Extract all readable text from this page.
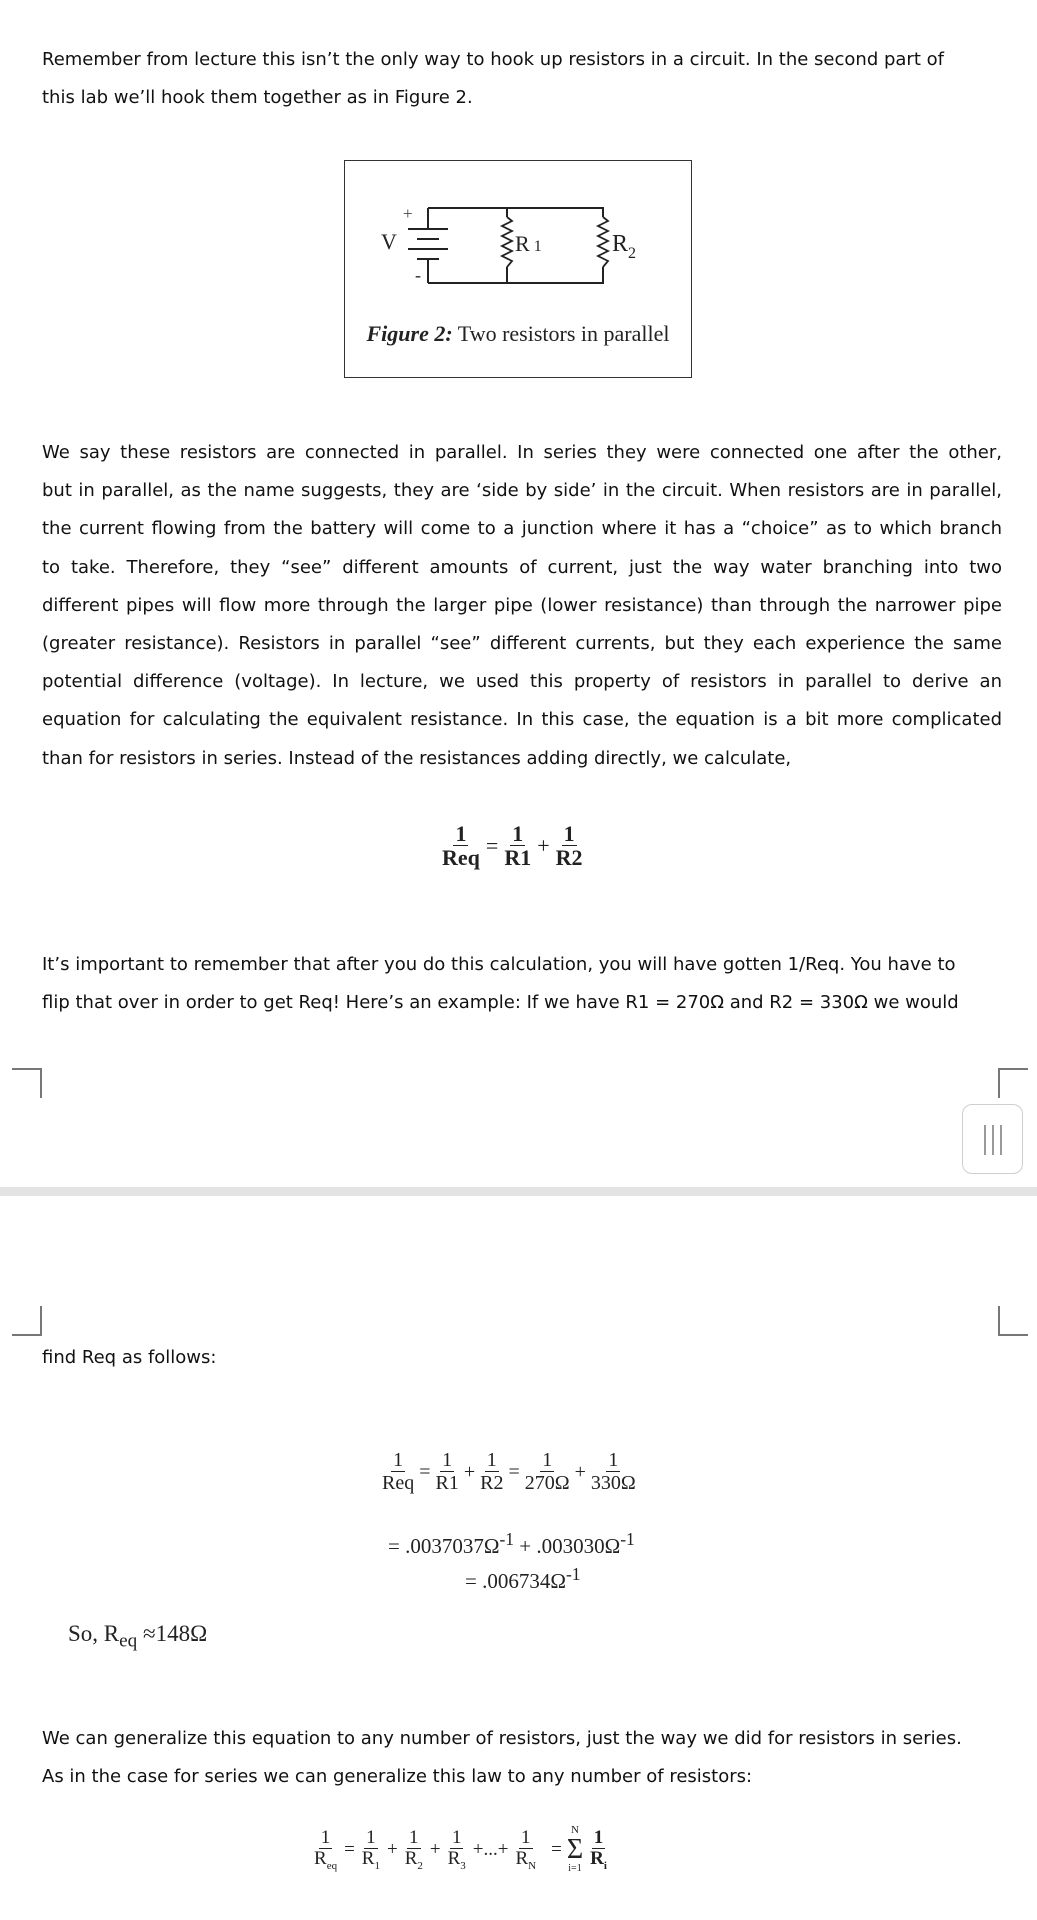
Remember from lecture this isn’t the only way to hook up resistors in a circuit. In the second part of
this lab we’ll hook them together as in Figure 2.
V
+
-
R 1	$R_2$
Figure 2: Two resistors in parallel
We say these resistors are connected in parallel. In series they were connected one after the other,
but in parallel, as the name suggests, they are ‘side by side’ in the circuit. When resistors are in parallel,
the current flowing from the battery will come to a junction where it has a “choice” as to which branch
to take. Therefore, they “see” different amounts of current, just the way water branching into two
different pipes will flow more through the larger pipe (lower resistance) than through the narrower pipe
(greater resistance). Resistors in parallel “see” different currents, but they each experience the same
potential difference (voltage). In lecture, we used this property of resistors in parallel to derive an
equation for calculating the equivalent resistance. In this case, the equation is a bit more complicated
than for resistors in series. Instead of the resistances adding directly, we calculate,
$\frac{1}{\text{Req}} = \frac{1}{R1} + \frac{1}{R2}$
It’s important to remember that after you do this calculation, you will have gotten 1/Req. You have to
flip that over in order to get Req! Here’s an example: If we have R1 = 270Ω and R2 = 330Ω we would
find Req as follows:
$\frac{1}{\text{Req}} = \frac{1}{R1} + \frac{1}{R2} = \frac{1}{270\Omega} + \frac{1}{330\Omega}$
= $.0037037\Omega^{-1} + .003030\Omega^{-1}$
= $.006734\Omega^{-1}$
So, $R_{eq} \approx 148\Omega$
We can generalize this equation to any number of resistors, just the way we did for resistors in series.
As in the case for series we can generalize this law to any number of resistors:
$\frac{1}{R_{eq}} = \frac{1}{R_1} + \frac{1}{R_2} + \frac{1}{R_3}$ +...+ $\frac{1}{R_N}$ =
N
Σ
$i=1 \frac{1}{R_i}$
